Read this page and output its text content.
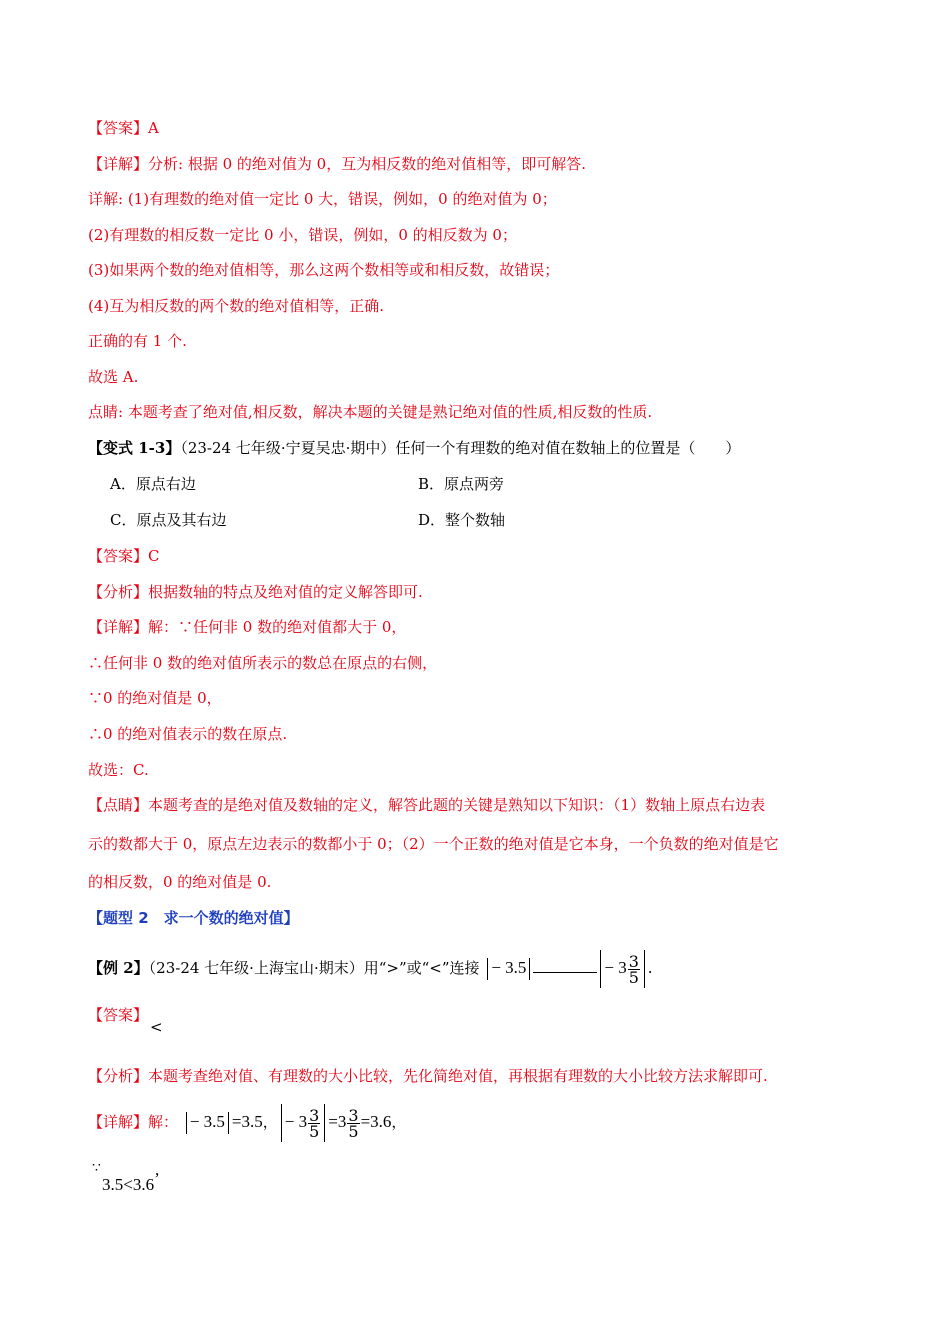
【答案】A
【详解】分析: 根据 0 的绝对值为 0，互为相反数的绝对值相等，即可解答.
详解: (1)有理数的绝对值一定比 0 大，错误，例如，0 的绝对值为 0；
(2)有理数的相反数一定比 0 小，错误，例如，0 的相反数为 0；
(3)如果两个数的绝对值相等，那么这两个数相等或和相反数，故错误；
(4)互为相反数的两个数的绝对值相等，正确.
正确的有 1 个.
故选 A.
点睛: 本题考查了绝对值,相反数，解决本题的关键是熟记绝对值的性质,相反数的性质.
【变式 1-3】（23-24 七年级·宁夏吴忠·期中）任何一个有理数的绝对值在数轴上的位置是（　　）
A．原点右边	B．原点两旁
C．原点及其右边	D．整个数轴
【答案】C
【分析】根据数轴的特点及绝对值的定义解答即可.
【详解】解：∵任何非 0 数的绝对值都大于 0，
∴任何非 0 数的绝对值所表示的数总在原点的右侧，
∵0 的绝对值是 0，
∴0 的绝对值表示的数在原点.
故选：C.
【点睛】本题考查的是绝对值及数轴的定义，解答此题的关键是熟知以下知识：（1）数轴上原点右边表
示的数都大于 0，原点左边表示的数都小于 0；（2）一个正数的绝对值是它本身，一个负数的绝对值是它
的相反数，0 的绝对值是 0.
【题型 2　求一个数的绝对值】
【例 2】（23-24 七年级·上海宝山·期末）用“>”或“<”连接 − 3.5	− $3 \frac{3}{5}$ .
【答案】<
【分析】本题考查绝对值、有理数的大小比较，先化简绝对值，再根据有理数的大小比较方法求解即可.
【详解】解： − 3.5 =3.5， − $3 \frac{3}{5} =3 \frac{3}{5} =3.6$，
∵
3.5<3.6’
